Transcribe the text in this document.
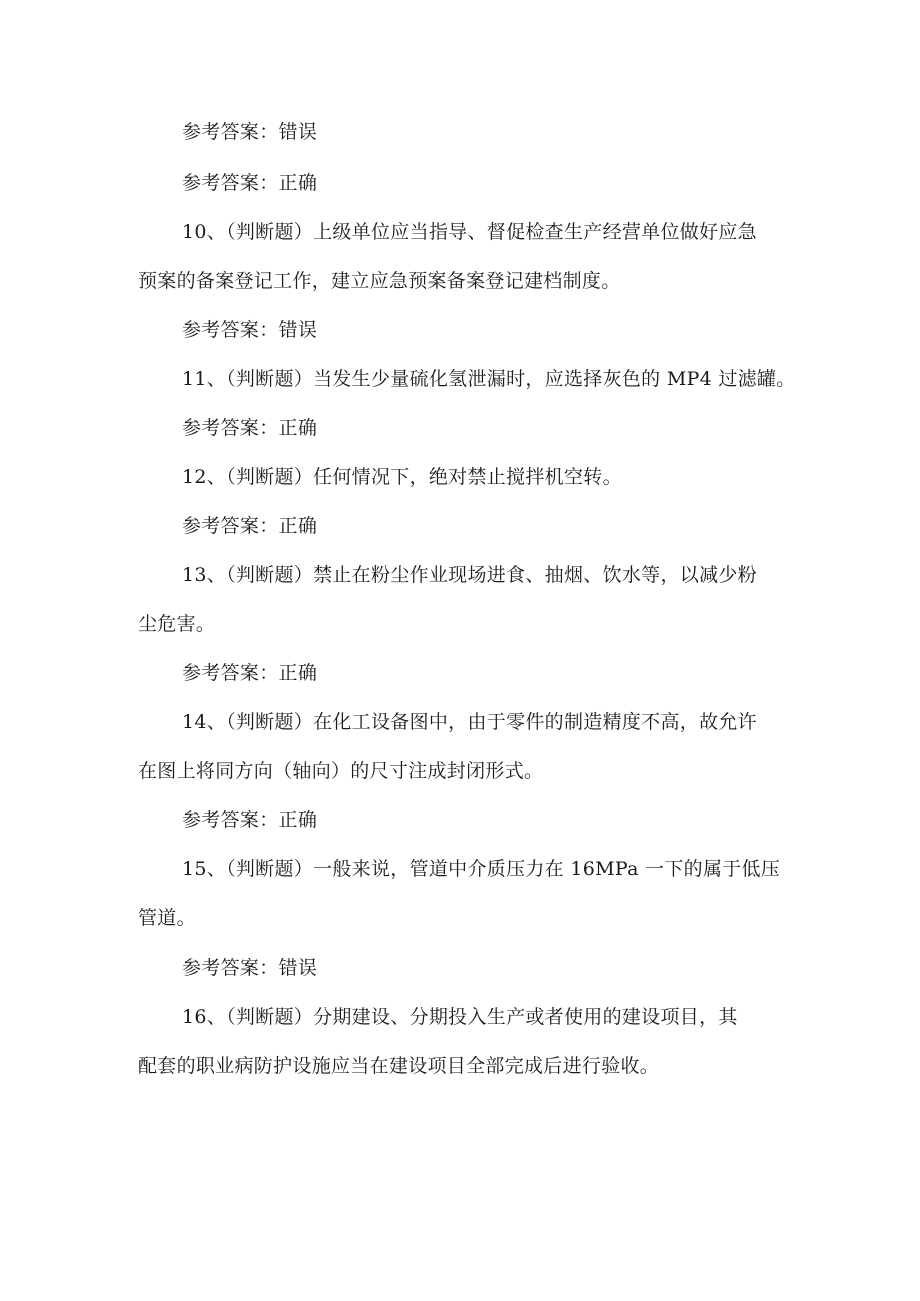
参考答案：错误
参考答案：正确
10、（判断题）上级单位应当指导、督促检查生产经营单位做好应急
预案的备案登记工作，建立应急预案备案登记建档制度。
参考答案：错误
11、（判断题）当发生少量硫化氢泄漏时，应选择灰色的 MP4 过滤罐。
参考答案：正确
12、（判断题）任何情况下，绝对禁止搅拌机空转。
参考答案：正确
13、（判断题）禁止在粉尘作业现场进食、抽烟、饮水等，以减少粉
尘危害。
参考答案：正确
14、（判断题）在化工设备图中，由于零件的制造精度不高，故允许
在图上将同方向（轴向）的尺寸注成封闭形式。
参考答案：正确
15、（判断题）一般来说，管道中介质压力在 16MPa 一下的属于低压
管道。
参考答案：错误
16、（判断题）分期建设、分期投入生产或者使用的建设项目，其
配套的职业病防护设施应当在建设项目全部完成后进行验收。
